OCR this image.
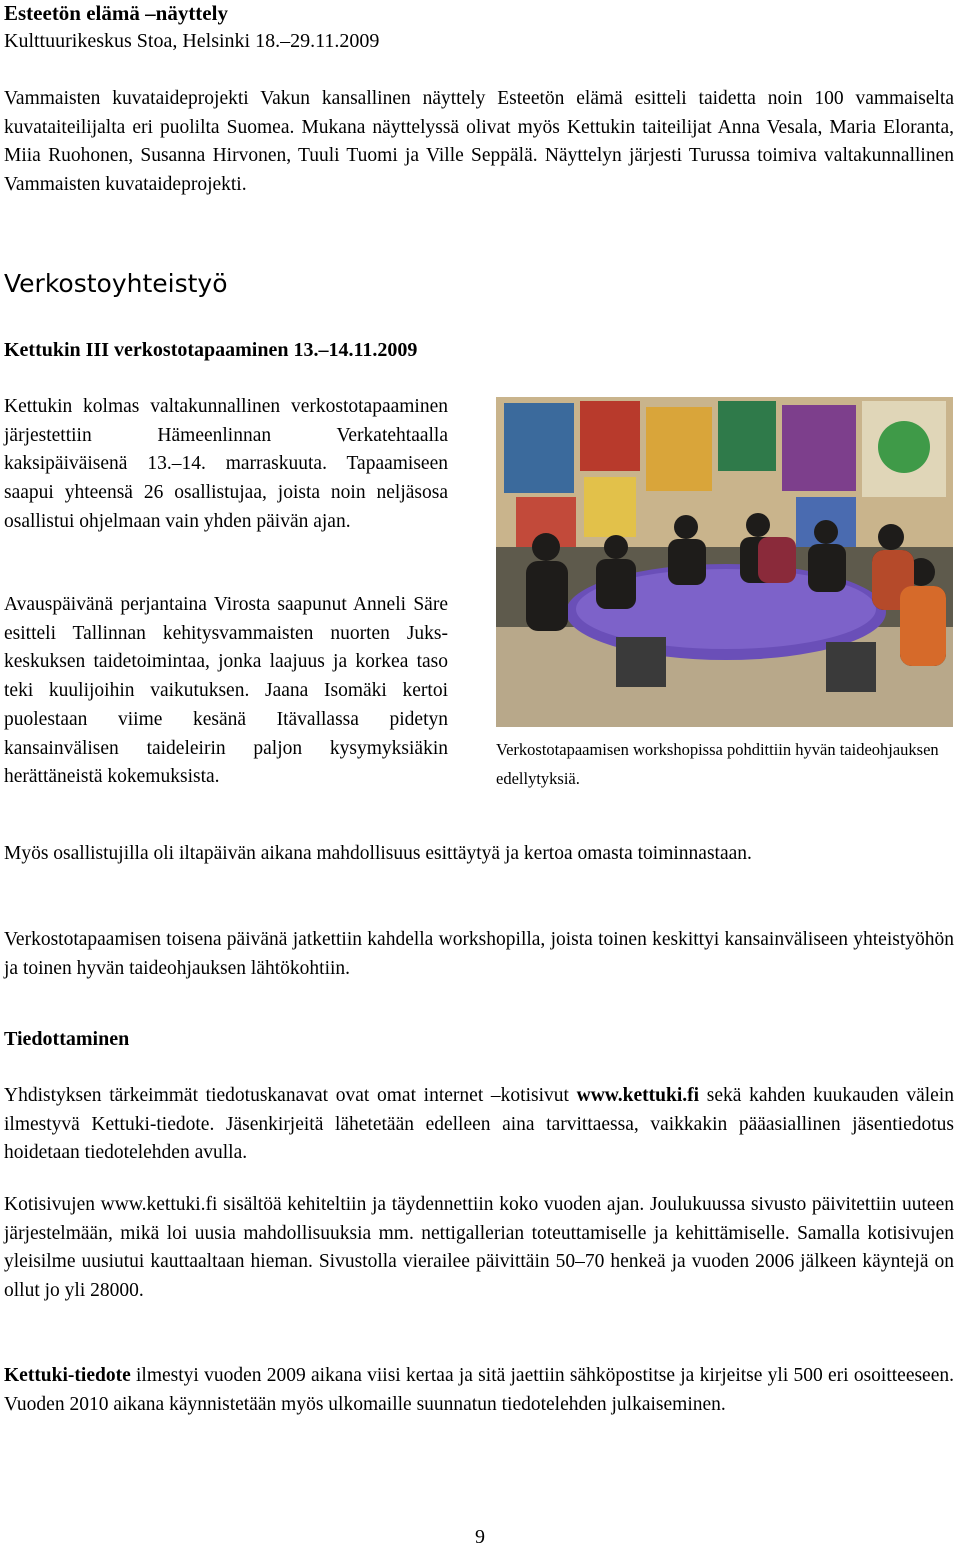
Esteetön elämä –näyttely
Kulttuurikeskus Stoa, Helsinki 18.–29.11.2009

Vammaisten kuvataideprojekti Vakun kansallinen näyttely Esteetön elämä esitteli taidetta noin 100 vammaiselta kuvataiteilijalta eri puolilta Suomea. Mukana näyttelyssä olivat myös Kettukin taiteilijat Anna Vesala, Maria Eloranta, Miia Ruohonen, Susanna Hirvonen, Tuuli Tuomi ja Ville Seppälä. Näyttelyn järjesti Turussa toimiva valtakunnallinen Vammaisten kuvataideprojekti.

Verkostoyhteistyö
Kettukin III verkostotapaaminen 13.–14.11.2009

Kettukin kolmas valtakunnallinen verkostotapaaminen järjestettiin Hämeenlinnan Verkatehtaalla kaksipäiväisenä 13.–14. marraskuuta. Tapaamiseen saapui yhteensä 26 osallistujaa, joista noin neljäsosa osallistui ohjelmaan vain yhden päivän ajan.

Avauspäivänä perjantaina Virosta saapunut Anneli Säre esitteli Tallinnan kehitysvammaisten nuorten Juks-keskuksen taidetoimintaa, jonka laajuus ja korkea taso teki kuulijoihin vaikutuksen. Jaana Isomäki kertoi puolestaan viime kesänä Itävallassa pidetyn kansainvälisen taideleirin paljon kysymyksiäkin herättäneistä kokemuksista.

Verkostotapaamisen workshopissa pohdittiin hyvän taideohjauksen edellytyksiä.

Myös osallistujilla oli iltapäivän aikana mahdollisuus esittäytyä ja kertoa omasta toiminnastaan.

Verkostotapaamisen toisena päivänä jatkettiin kahdella workshopilla, joista toinen keskittyi kansainväliseen yhteistyöhön ja toinen hyvän taideohjauksen lähtökohtiin.

Tiedottaminen

Yhdistyksen tärkeimmät tiedotuskanavat ovat omat internet –kotisivut www.kettuki.fi sekä kahden kuukauden välein ilmestyvä Kettuki-tiedote. Jäsenkirjeitä lähetetään edelleen aina tarvittaessa, vaikkakin pääasiallinen jäsentiedotus hoidetaan tiedotelehden avulla.

Kotisivujen www.kettuki.fi sisältöä kehiteltiin ja täydennettiin koko vuoden ajan. Joulukuussa sivusto päivitettiin uuteen järjestelmään, mikä loi uusia mahdollisuuksia mm. nettigallerian toteuttamiselle ja kehittämiselle. Samalla kotisivujen yleisilme uusiutui kauttaaltaan hieman. Sivustolla vierailee päivittäin 50–70 henkeä ja vuoden 2006 jälkeen käyntejä on ollut jo yli 28000.

Kettuki-tiedote ilmestyi vuoden 2009 aikana viisi kertaa ja sitä jaettiin sähköpostitse ja kirjeitse yli 500 eri osoitteeseen. Vuoden 2010 aikana käynnistetään myös ulkomaille suunnatun tiedotelehden julkaiseminen.

9
